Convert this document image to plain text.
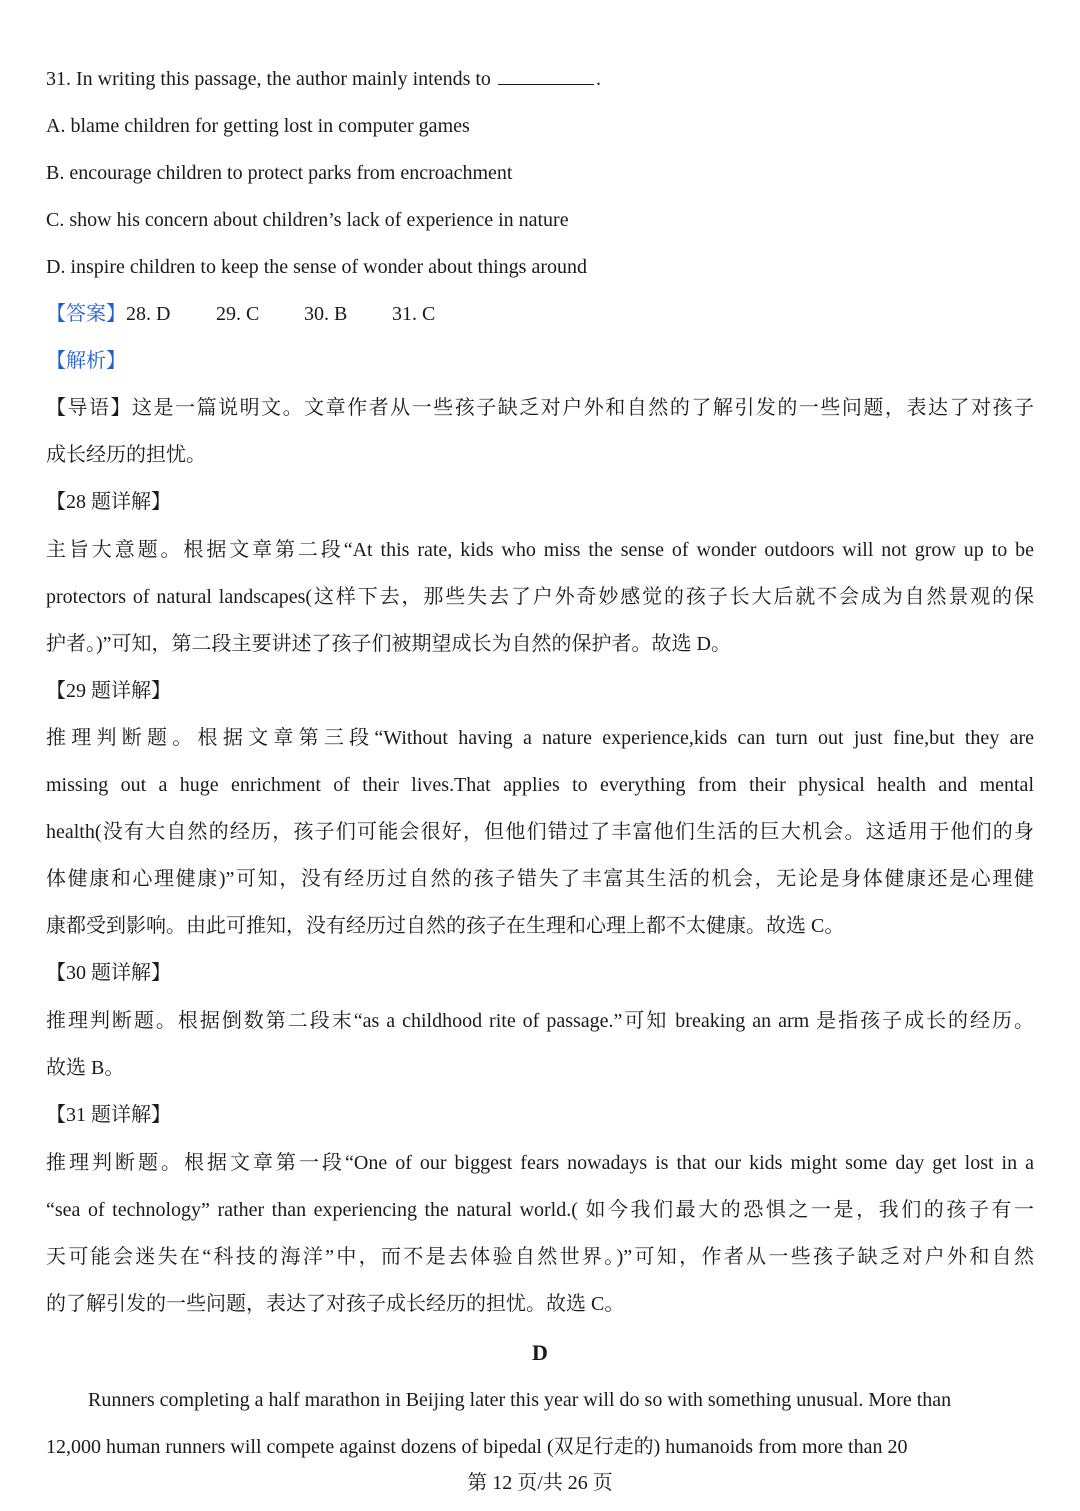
31. In writing this passage, the author mainly intends to	.
A. blame children for getting lost in computer games
B. encourage children to protect parks from encroachment
C. show his concern about children’s lack of experience in nature
D. inspire children to keep the sense of wonder about things around
【答案】28. D 29. C 30. B 31. C
【解析】
【导语】这是一篇说明文。文章作者从一些孩子缺乏对户外和自然的了解引发的一些问题，表达了对孩子
成长经历的担忧。
【28 题详解】
主旨大意题。根据文章第二段“At this rate, kids who miss the sense of wonder outdoors will not grow up to be
protectors of natural landscapes(这样下去，那些失去了户外奇妙感觉的孩子长大后就不会成为自然景观的保
护者。)”可知，第二段主要讲述了孩子们被期望成长为自然的保护者。故选 D。
【29 题详解】
推理判断题。根据文章第三段“Without having a nature experience,kids can turn out just fine,but they are
missing out a huge enrichment of their lives.That applies to everything from their physical health and mental
health(没有大自然的经历，孩子们可能会很好，但他们错过了丰富他们生活的巨大机会。这适用于他们的身
体健康和心理健康)”可知，没有经历过自然的孩子错失了丰富其生活的机会，无论是身体健康还是心理健
康都受到影响。由此可推知，没有经历过自然的孩子在生理和心理上都不太健康。故选 C。
【30 题详解】
推理判断题。根据倒数第二段末“as a childhood rite of passage.”可知 breaking an arm 是指孩子成长的经历。
故选 B。
【31 题详解】
推理判断题。根据文章第一段“One of our biggest fears nowadays is that our kids might some day get lost in a
“sea of technology” rather than experiencing the natural world.( 如今我们最大的恐惧之一是，我们的孩子有一
天可能会迷失在“科技的海洋”中，而不是去体验自然世界。)”可知，作者从一些孩子缺乏对户外和自然
的了解引发的一些问题，表达了对孩子成长经历的担忧。故选 C。
D
Runners completing a half marathon in Beijing later this year will do so with something unusual. More than
12,000 human runners will compete against dozens of bipedal (双足行走的) humanoids from more than 20
第 12 页/共 26 页
